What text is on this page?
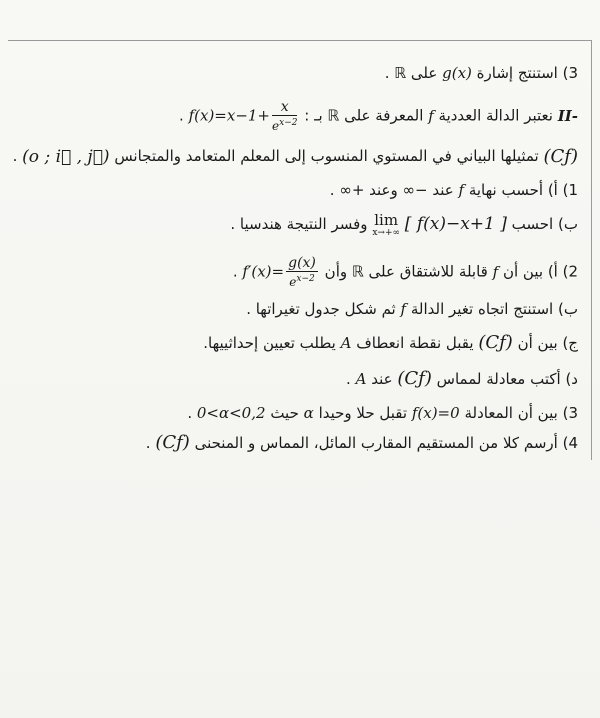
3) استنتج إشارة g(x) على ℝ .
II- نعتبر الدالة العددية f المعرفة على ℝ بـ : $f(x)=x-1+ \frac{x}{e^{x-2}}$
.
(Cƒ) تمثيلها البياني في المستوي المنسوب إلى المعلم المتعامد والمتجانس (o ; i⃗ , j⃗) .
1) أ) أحسب نهاية f عند −∞ وعند +∞ .
ب) احسب
lim
x→+∞ [ f(x)−x+1 ] وفسر النتيجة هندسيا .
2) أ) بين أن f قابلة للاشتقاق على ℝ وأن $f'(x)= \frac{g(x)}{e^{x-2}}$
.
ب) استنتج اتجاه تغير الدالة f ثم شكل جدول تغيراتها .
ج) بين أن (Cƒ) يقبل نقطة انعطاف A يطلب تعيين إحداثييها.
د) أكتب معادلة لمماس (Cƒ) عند A .
3) بين أن المعادلة f(x)=0 تقبل حلا وحيدا α حيث 0<α<0,2 .
4) أرسم كلا من المستقيم المقارب المائل، المماس و المنحنى (Cƒ) .
